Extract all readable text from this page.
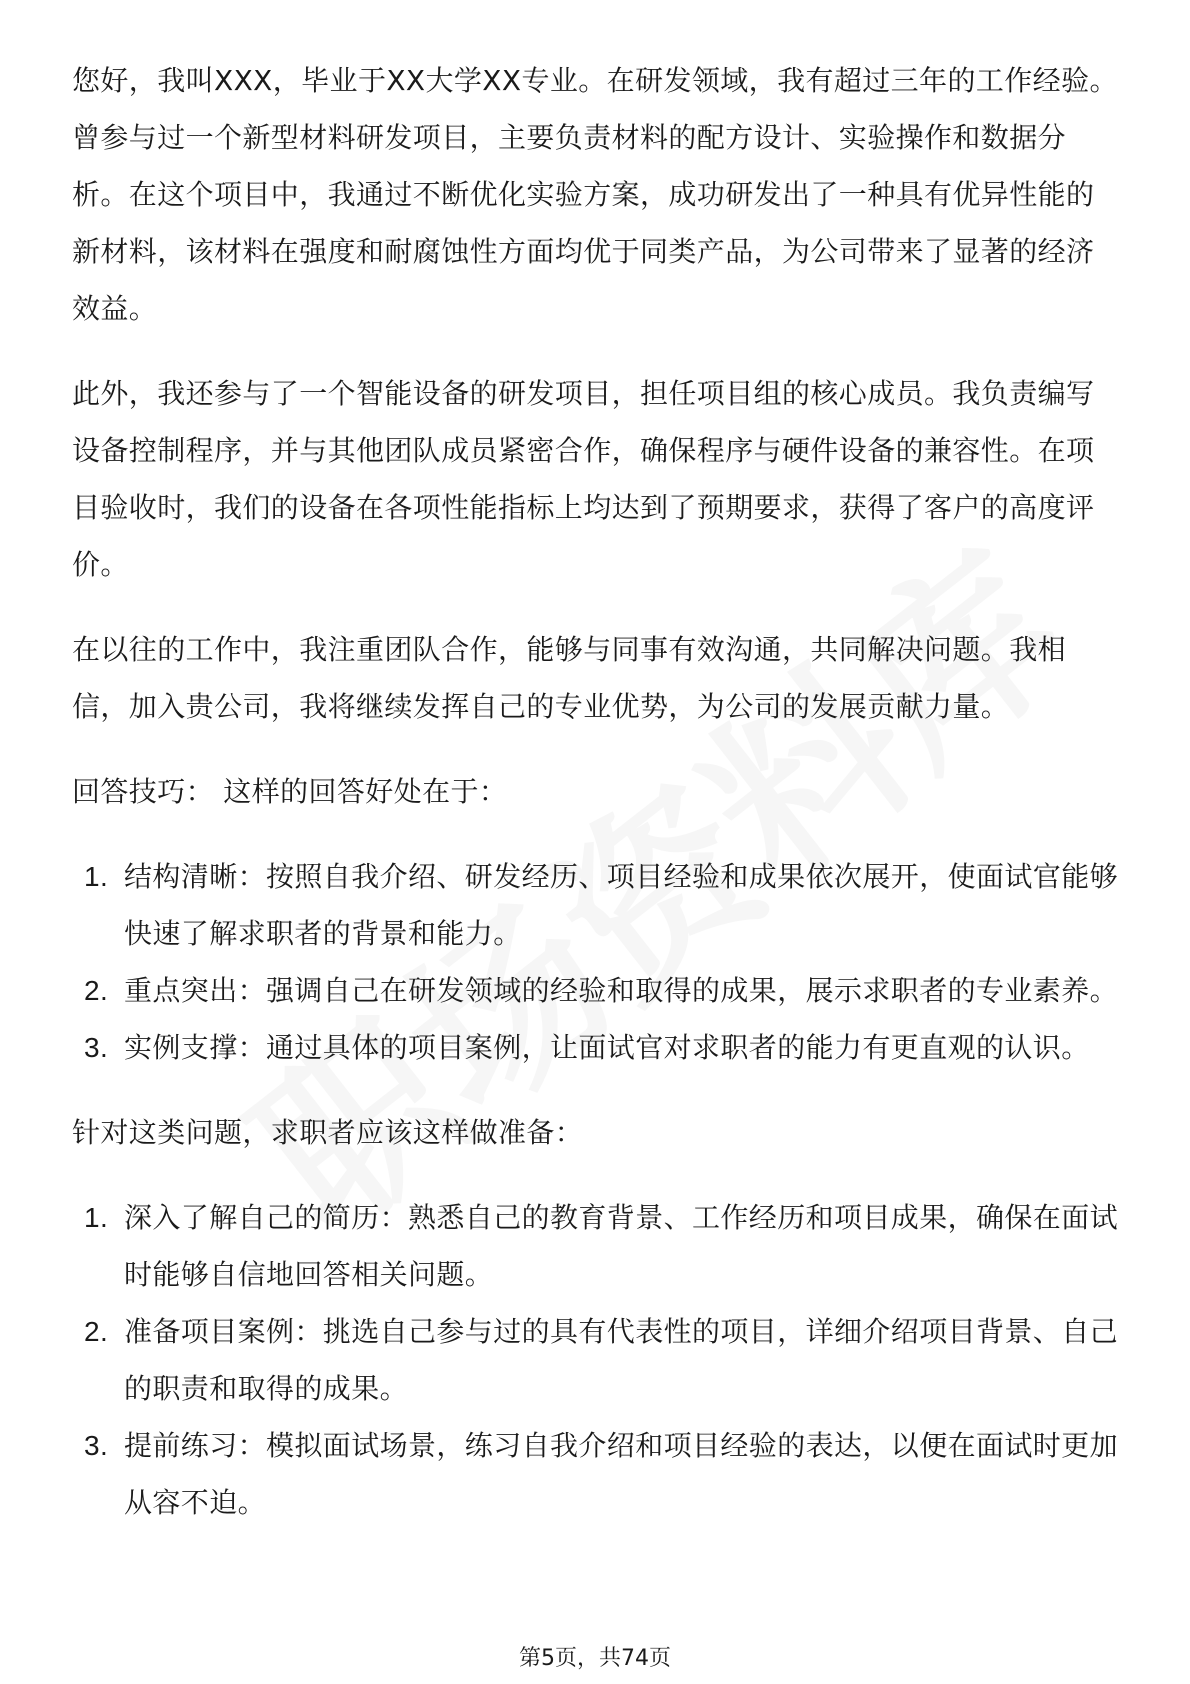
您好，我叫XXX，毕业于XX大学XX专业。在研发领域，我有超过三年的工作经验。曾参与过一个新型材料研发项目，主要负责材料的配方设计、实验操作和数据分析。在这个项目中，我通过不断优化实验方案，成功研发出了一种具有优异性能的新材料，该材料在强度和耐腐蚀性方面均优于同类产品，为公司带来了显著的经济效益。

此外，我还参与了一个智能设备的研发项目，担任项目组的核心成员。我负责编写设备控制程序，并与其他团队成员紧密合作，确保程序与硬件设备的兼容性。在项目验收时，我们的设备在各项性能指标上均达到了预期要求，获得了客户的高度评价。

在以往的工作中，我注重团队合作，能够与同事有效沟通，共同解决问题。我相信，加入贵公司，我将继续发挥自己的专业优势，为公司的发展贡献力量。

回答技巧： 这样的回答好处在于：

1. 结构清晰：按照自我介绍、研发经历、项目经验和成果依次展开，使面试官能够快速了解求职者的背景和能力。
2. 重点突出：强调自己在研发领域的经验和取得的成果，展示求职者的专业素养。
3. 实例支撑：通过具体的项目案例，让面试官对求职者的能力有更直观的认识。

针对这类问题，求职者应该这样做准备：

1. 深入了解自己的简历：熟悉自己的教育背景、工作经历和项目成果，确保在面试时能够自信地回答相关问题。
2. 准备项目案例：挑选自己参与过的具有代表性的项目，详细介绍项目背景、自己的职责和取得的成果。
3. 提前练习：模拟面试场景，练习自我介绍和项目经验的表达，以便在面试时更加从容不迫。
第5页，共74页
